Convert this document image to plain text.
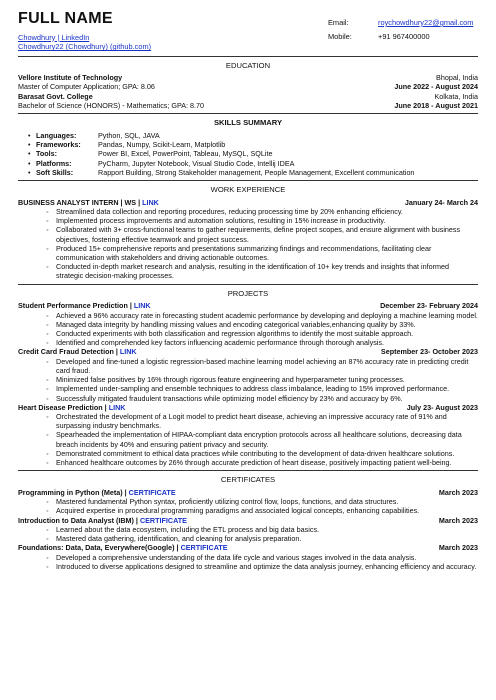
FULL NAME
Chowdhury | LinkedIn
Chowdhury22 (Chowdhury) (github.com)
Email:	roychowdhury22@gmail.com
Mobile:	+91 967400000
EDUCATION
Vellore Institute of Technology	Bhopal, India
Master of Computer Application; GPA: 8.06	June 2022 - August 2024
Barasat Govt. College	Kolkata, India
Bachelor of Science (HONORS) - Mathematics; GPA: 8.70	June 2018 - August 2021
SKILLS SUMMARY
• Languages:	Python, SQL, JAVA
• Frameworks:	Pandas, Numpy, Scikit-Learn, Matplotlib
• Tools:	Power BI, Excel, PowerPoint, Tableau, MySQL, SQLite
• Platforms:	PyCharm, Jupyter Notebook, Visual Studio Code, Intellij IDEA
• Soft Skills:	Rapport Building, Strong Stakeholder management, People Management, Excellent communication
WORK EXPERIENCE
BUSINESS ANALYST INTERN | WS | LINK	January 24- March 24
◦	Streamlined data collection and reporting procedures, reducing processing time by 20% enhancing efficiency.
◦	Implemented process improvements and automation solutions, resulting in 15% increase in productivity.
◦	Collaborated with 3+ cross-functional teams to gather requirements, define project scopes, and ensure alignment with business objectives, fostering effective teamwork and project success.
◦	Produced 15+ comprehensive reports and presentations summarizing findings and recommendations, facilitating clear communication with stakeholders and driving actionable outcomes.
◦	Conducted in-depth market research and analysis, resulting in the identification of 10+ key trends and insights that informed strategic decision-making processes.
PROJECTS
Student Performance Prediction | LINK	December 23- February 2024
◦	Achieved a 96% accuracy rate in forecasting student academic performance by developing and deploying a machine learning model.
◦	Managed data integrity by handling missing values and encoding categorical variables,enhancing quality by 33%.
◦	Conducted experiments with both classification and regression algorithms to identify the most suitable approach.
◦	Identified and comprehended key factors influencing academic performance through thorough analysis.
Credit Card Fraud Detection | LINK	September 23- October 2023
◦	Developed and fine-tuned a logistic regression-based machine learning model achieving an 87% accuracy rate in predicting credit card fraud.
◦	Minimized false positives by 16% through rigorous feature engineering and hyperparameter tuning processes.
◦	Implemented under-sampling and ensemble techniques to address class imbalance, leading to 15% improved performance.
◦	Successfully mitigated fraudulent transactions while optimizing model efficiency by 23% and accuracy by 6%.
Heart Disease Prediction | LINK	July 23- August 2023
◦	Orchestrated the development of a Logit model to predict heart disease, achieving an impressive accuracy rate of 91% and surpassing industry benchmarks.
◦	Spearheaded the implementation of HIPAA-compliant data encryption protocols across all healthcare solutions, decreasing data breach incidents by 40% and ensuring patient privacy and security.
◦	Demonstrated commitment to ethical data practices while contributing to the development of data-driven healthcare solutions.
◦	Enhanced healthcare outcomes by 26% through accurate prediction of heart disease, positively impacting patient well-being.
CERTIFICATES
Programming in Python (Meta) | CERTIFICATE	March 2023
◦	Mastered fundamental Python syntax, proficiently utilizing control flow, loops, functions, and data structures.
◦	Acquired expertise in procedural programming paradigms and associated logical concepts, enhancing capabilities.
Introduction to Data Analyst (IBM) | CERTIFICATE	March 2023
◦	Learned about the data ecosystem, including the ETL process and big data basics.
◦	Mastered data gathering, identification, and cleaning for analysis preparation.
Foundations: Data, Data, Everywhere(Google) | CERTIFICATE	March 2023
◦	Developed a comprehensive understanding of the data life cycle and various stages involved in the data analysis.
◦	Introduced to diverse applications designed to streamline and optimize the data analysis journey, enhancing efficiency and accuracy.
